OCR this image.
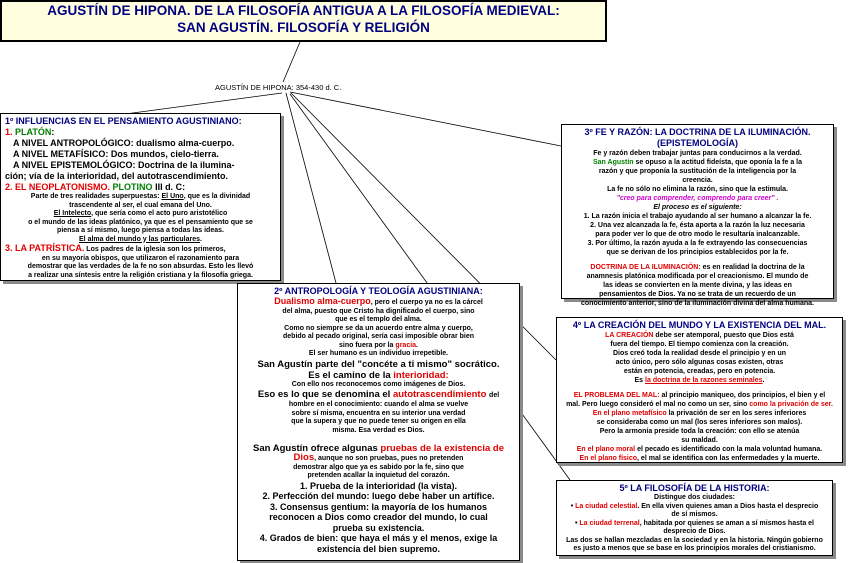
AGUSTÍN DE HIPONA. DE LA FILOSOFÍA ANTIGUA A LA FILOSOFÍA MEDIEVAL:

SAN AGUSTÍN. FILOSOFÍA Y RELIGIÓN

AGUSTÍN DE HIPONA: 354-430 d. C.
1º INFLUENCIAS EN EL PENSAMIENTO AGUSTINIANO:
1. PLATÓN:
A NIVEL ANTROPOLÓGICO: dualismo alma-cuerpo.
A NIVEL METAFÍSICO: Dos mundos, cielo-tierra.
A NIVEL EPISTEMOLÓGICO: Doctrina de la ilumina-
ción; vía de la interioridad, del autotrascendimiento.
2. EL NEOPLATONISMO. PLOTINO III d. C:
Parte de tres realidades superpuestas: El Uno, que es la divinidad
trascendente al ser, el cual emana del Uno.
El Intelecto, que sería como el acto puro aristotélico
o el mundo de las ideas platónico, ya que es el pensamiento que se
piensa a sí mismo, luego piensa a todas las ideas.
El alma del mundo y las particulares.
3. LA PATRÍSTICA. Los padres de la iglesia son los primeros,
en su mayoría obispos, que utilizaron el razonamiento para
demostrar que las verdades de la fe no son absurdas. Esto les llevó
a realizar una síntesis entre la religión cristiana y la filosofía griega.
2º ANTROPOLOGÍA Y TEOLOGÍA AGUSTINIANA:
Dualismo alma-cuerpo, pero el cuerpo ya no es la cárcel
del alma, puesto que Cristo ha dignificado el cuerpo, sino
que es el templo del alma.
Como no siempre se da un acuerdo entre alma y cuerpo,
debido al pecado original, sería casi imposible obrar bien
sino fuera por la gracia.
El ser humano es un individuo irrepetible.
San Agustín parte del "concéte a ti mismo" socrático.
Es el camino de la interioridad:
Con ello nos reconocemos como imágenes de Dios.
Eso es lo que se denomina el autotrascendimiento del
hombre en el conocimiento: cuando el alma se vuelve
sobre sí misma, encuentra en su interior una verdad
que la supera y que no puede tener su origen en ella
misma. Esa verdad es Dios.
San Agustín ofrece algunas pruebas de la existencia de
Dios, aunque no son pruebas, pues no pretenden
demostrar algo que ya es sabido por la fe, sino que
pretenden acallar la inquietud del corazón.
1. Prueba de la interioridad (la vista).
2. Perfección del mundo: luego debe haber un artífice.
3. Consensus gentium: la mayoría de los humanos
reconocen a Dios como creador del mundo, lo cual
prueba su existencia.
4. Grados de bien: que haya el más y el menos, exige la
existencia del bien supremo.
3º FE Y RAZÓN: LA DOCTRINA DE LA ILUMINACIÓN.
(EPISTEMOLOGÍA)
Fe y razón deben trabajar juntas para conducirnos a la verdad.
San Agustín se opuso a la actitud fideísta, que oponía la fe a la
razón y que proponía la sustitución de la inteligencia por la
creencia.
La fe no sólo no elimina la razón, sino que la estimula.
"creo para comprender, comprendo para creer" .
El proceso es el siguiente:
1. La razón inicia el trabajo ayudando al ser humano a alcanzar la fe.
2. Una vez alcanzada la fe, ésta aporta a la razón la luz necesaria
para poder ver lo que de otro modo le resultaría inalcanzable.
3. Por último, la razón ayuda a la fe extrayendo las consecuencias
que se derivan de los principios establecidos por la fe.
DOCTRINA DE LA ILUMINACIÓN: es en realidad la doctrina de la
anamnesis platónica modificada por el creacionismo. El mundo de
las ideas se convierten en la mente divina, y las ideas en
pensamientos de Dios. Ya no se trata de un recuerdo de un
conocimiento anterior, sino de la iluminación divina del alma humana.
4º LA CREACIÓN DEL MUNDO Y LA EXISTENCIA DEL MAL.
LA CREACIÓN debe ser atemporal, puesto que Dios está
fuera del tiempo. El tiempo comienza con la creación.
Dios creó toda la realidad desde el principio y en un
acto único, pero sólo algunas cosas existen, otras
están en potencia, creadas, pero en potencia.
Es la doctrina de la razones seminales.
EL PROBLEMA DEL MAL: al principio maniqueo, dos principios, el bien y el
mal. Pero luego consideró el mal no como un ser, sino como la privación de ser.
En el plano metafísico la privación de ser en los seres inferiores
se consideraba como un mal (los seres inferiores son malos).
Pero la armonía preside toda la creación: con ello se atenúa
su maldad.
En el plano moral el pecado es identificado con la mala voluntad humana.
En el plano físico, el mal se identifica con las enfermedades y la muerte.
5º LA FILOSOFÍA DE LA HISTORIA:
Distingue dos ciudades:
• La ciudad celestial. En ella viven quienes aman a Dios hasta el desprecio
de sí mismos.
• La ciudad terrenal, habitada por quienes se aman a sí mismos hasta el
desprecio de Dios.
Las dos se hallan mezcladas en la sociedad y en la historia. Ningún gobierno
es justo a menos que se base en los principios morales del cristianismo.
